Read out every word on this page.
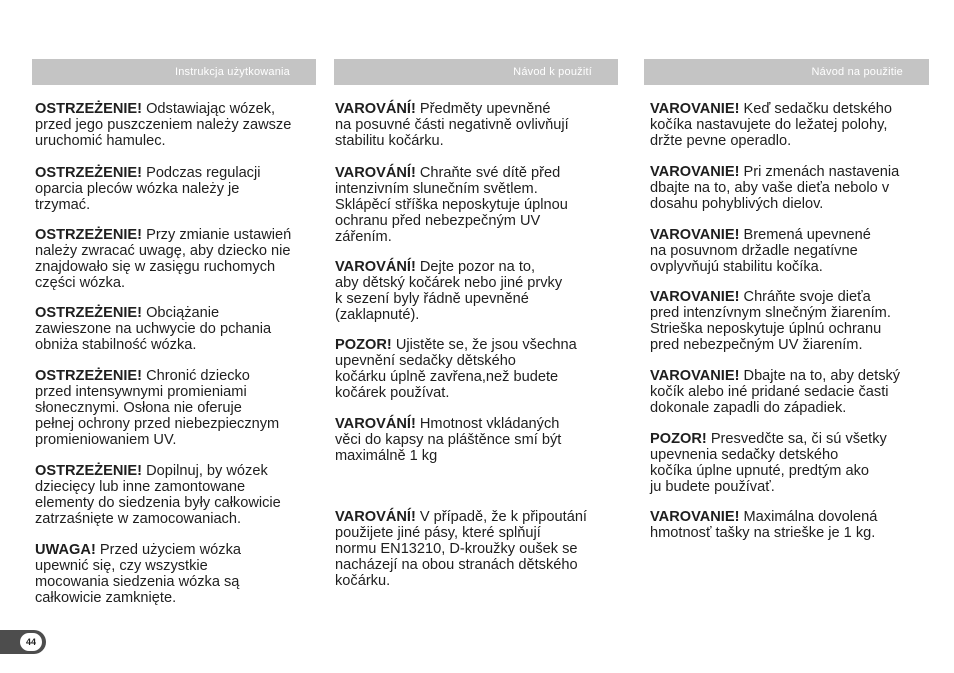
Instrukcja użytkowania	Návod k použití	Návod na použitie

OSTRZEŻENIE! Odstawiając wózek,
przed jego puszczeniem należy zawsze
uruchomić hamulec.

OSTRZEŻENIE! Podczas regulacji
oparcia pleców wózka należy je
trzymać.

OSTRZEŻENIE! Przy zmianie ustawień
należy zwracać uwagę, aby dziecko nie
znajdowało się w zasięgu ruchomych
części wózka.

OSTRZEŻENIE! Obciążanie
zawieszone na uchwycie do pchania
obniża stabilność wózka.

OSTRZEŻENIE! Chronić dziecko
przed intensywnymi promieniami
słonecznymi. Osłona nie oferuje
pełnej ochrony przed niebezpiecznym
promieniowaniem UV.

OSTRZEŻENIE! Dopilnuj, by wózek
dziecięcy lub inne zamontowane
elementy do siedzenia były całkowicie
zatrzaśnięte w zamocowaniach.

UWAGA! Przed użyciem wózka
upewnić się, czy wszystkie
mocowania siedzenia wózka są
całkowicie zamknięte.

VAROVÁNÍ! Předměty upevněné
na posuvné části negativně ovlivňují
stabilitu kočárku.

VAROVÁNÍ! Chraňte své dítě před
intenzivním slunečním světlem.
Sklápěcí stříška neposkytuje úplnou
ochranu před nebezpečným UV
zářením.

VAROVÁNÍ! Dejte pozor na to,
aby dětský kočárek nebo jiné prvky
k sezení byly řádně upevněné
(zaklapnuté).

POZOR! Ujistěte se, že jsou všechna
upevnění sedačky dětského
kočárku úplně zavřena,než budete
kočárek používat.

VAROVÁNÍ! Hmotnost vkládaných
věci do kapsy na pláštěnce smí být
maximálně 1 kg

VAROVÁNÍ! V případě, že k připoutání
použijete jiné pásy, které splňují
normu EN13210, D-kroužky oušek se
nacházejí na obou stranách dětského
kočárku.

VAROVANIE! Keď sedačku detského
kočíka nastavujete do ležatej polohy,
držte pevne operadlo.

VAROVANIE! Pri zmenách nastavenia
dbajte na to, aby vaše dieťa nebolo v
dosahu pohyblivých dielov.

VAROVANIE! Bremená upevnené
na posuvnom držadle negatívne
ovplyvňujú stabilitu kočíka.

VAROVANIE! Chráňte svoje dieťa
pred intenzívnym slnečným žiarením.
Strieška neposkytuje úplnú ochranu
pred nebezpečným UV žiarením.

VAROVANIE! Dbajte na to, aby detský
kočík alebo iné pridané sedacie časti
dokonale zapadli do západiek.

POZOR! Presvedčte sa, či sú všetky
upevnenia sedačky detského
kočíka úplne upnuté, predtým ako
ju budete používať.

VAROVANIE! Maximálna dovolená
hmotnosť tašky na strieške je 1 kg.

44
